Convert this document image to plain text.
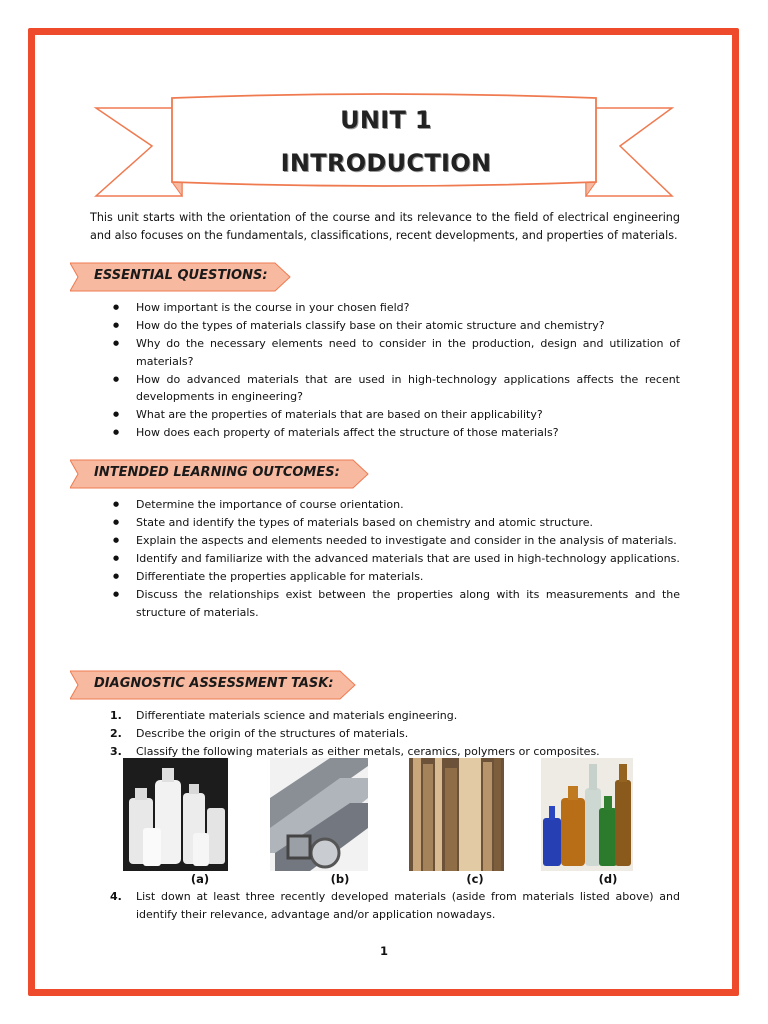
UNIT 1
INTRODUCTION
This unit starts with the orientation of the course and its relevance to the field of electrical engineering and also focuses on the fundamentals, classifications, recent developments, and properties of materials.
ESSENTIAL QUESTIONS:
● How important is the course in your chosen field?
● How do the types of materials classify base on their atomic structure and chemistry?
● Why do the necessary elements need to consider in the production, design and utilization of materials?
● How do advanced materials that are used in high-technology applications affects the recent developments in engineering?
● What are the properties of materials that are based on their applicability?
● How does each property of materials affect the structure of those materials?
INTENDED LEARNING OUTCOMES:
● Determine the importance of course orientation.
● State and identify the types of materials based on chemistry and atomic structure.
● Explain the aspects and elements needed to investigate and consider in the analysis of materials.
● Identify and familiarize with the advanced materials that are used in high-technology applications.
● Differentiate the properties applicable for materials.
● Discuss the relationships exist between the properties along with its measurements and the structure of materials.
DIAGNOSTIC ASSESSMENT TASK:
1. Differentiate materials science and materials engineering.
2. Describe the origin of the structures of materials.
3. Classify the following materials as either metals, ceramics, polymers or composites.
(a)	(b)	(c)	(d)
4. List down at least three recently developed materials (aside from materials listed above) and identify their relevance, advantage and/or application nowadays.
1
